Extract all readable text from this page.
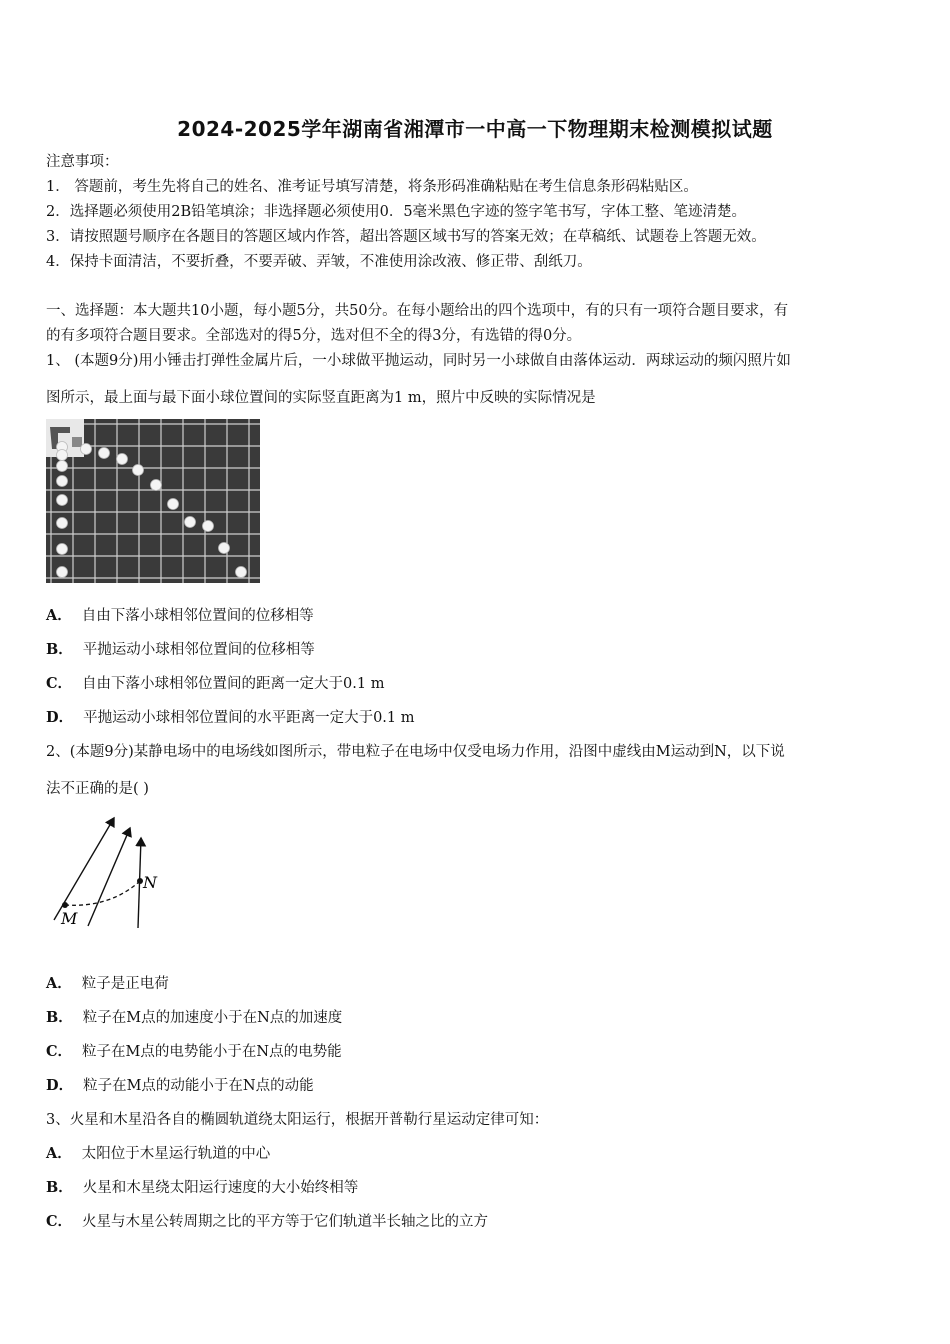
2024-2025学年湖南省湘潭市一中高一下物理期末检测模拟试题
注意事项：
1． 答题前，考生先将自己的姓名、准考证号填写清楚，将条形码准确粘贴在考生信息条形码粘贴区。
2．选择题必须使用2B铅笔填涂；非选择题必须使用0．5毫米黑色字迹的签字笔书写，字体工整、笔迹清楚。
3．请按照题号顺序在各题目的答题区域内作答，超出答题区域书写的答案无效；在草稿纸、试题卷上答题无效。
4．保持卡面清洁，不要折叠，不要弄破、弄皱，不准使用涂改液、修正带、刮纸刀。
一、选择题：本大题共10小题，每小题5分，共50分。在每小题给出的四个选项中，有的只有一项符合题目要求，有
的有多项符合题目要求。全部选对的得5分，选对但不全的得3分，有选错的得0分。
1、 (本题9分)用小锤击打弹性金属片后，一小球做平抛运动，同时另一小球做自由落体运动．两球运动的频闪照片如
图所示，最上面与最下面小球位置间的实际竖直距离为1 m，照片中反映的实际情况是
A． 自由下落小球相邻位置间的位移相等
B． 平抛运动小球相邻位置间的位移相等
C． 自由下落小球相邻位置间的距离一定大于0.1 m
D． 平抛运动小球相邻位置间的水平距离一定大于0.1 m
2、(本题9分)某静电场中的电场线如图所示，带电粒子在电场中仅受电场力作用，沿图中虚线由M运动到N，以下说
法不正确的是( )
M
N
A． 粒子是正电荷
B． 粒子在M点的加速度小于在N点的加速度
C． 粒子在M点的电势能小于在N点的电势能
D． 粒子在M点的动能小于在N点的动能
3、火星和木星沿各自的椭圆轨道绕太阳运行，根据开普勒行星运动定律可知：
A． 太阳位于木星运行轨道的中心
B． 火星和木星绕太阳运行速度的大小始终相等
C． 火星与木星公转周期之比的平方等于它们轨道半长轴之比的立方
